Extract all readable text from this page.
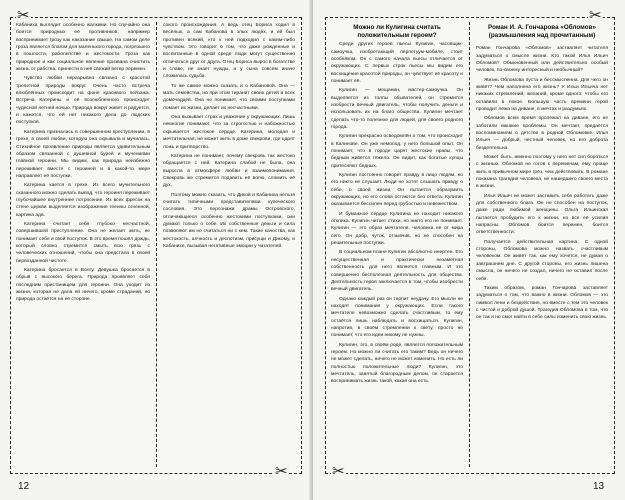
✂
✂

Кабаниха выглядит особенно жалкими. Но случайно она боится природных её противников, например воспринимает грозу как наказание свыше. На самом деле гроза является благом для маленького города, погрязшего в пошлости, раболепстве и жестокости. Гроза как природное и как социальное явление призвана очистить жизнь от рабства, принести в неё свежий ветер перемен.

Чувство любви неразрывно связано с красотой трепетной природы вокруг. Очень часто встреча влюблённых происходит на фоне красивого пейзажа. Встреча Катерины и её возлюбленного происходит чудесной летней ночью. Природа вокруг живет и радуется, и кажется, что ей нет никакого дела до людских поступков.

Катерина призналась в совершенном преступлении, в грехе, в своей любви, которую она скрывала и мучилась. Стихийное проявление природы является удивительным образом связанной с душевной бурей и мучениями главной героини. Мы видим, как природа неизбежно переживает вместе с героиней и в какой-то мере направляет её поступки.

Катерина кается в грехе. Из всего мучительного сказанного можно сделать вывод, что героиня переживает глубочайшее внутреннее потрясение. Из всех фресок на стене церкви выделяется изображение геенны огненной, картина ада.

Катерина считает себя глубоко несчастной, совершившей преступление. Она не желает жить, не понимает себя и свой поступок. В это время пошёл дождь, который словно стремится смыть всю грязь с человеческих отношений, чтобы она предстала в своей первозданной чистоте.

Катерина бросается в Волгу. Девушка бросается в обрыв с высокого берега. Природа проявляет себя последним пристанищем для героини. Она уходит из жизни, которая не дала ей ничего, кроме страданий, но природа остаётся на её стороне.

сокого происхождения. А ведь отец Бориса ходил в весёлых, а сам Кабанова в злых людях, и ей был противен всякий, кто к ней подходил с каким-либо чувством. Это говорит о том, что даже рожденные и воспитанные в одной среде люди могут существенно отличаться друг от друга. Отец Бориса вырос в богатстве и славе, не знает нужды, а у сына совсем иначе сложилась судьба.

То же самое можно сказать и о Кабановой. Она — мать семейства, но при этом тиранит своих детей и всех домочадцев. Она не понимает, что своими поступками ломает их жизни, делает их несчастными.

Она вызывает страх и уважение у окружающих. Лишь немногие понимают, что за строгостью и набожностью скрывается жестокое сердце. Катерина, молодая и мечтательная, не может жить в доме свекрови, где царят ложь и притворство.

Катерина не понимает, почему свекровь так жестоко обращается с ней. Катерина слабой не была, она выросла в атмосфере любви и взаимопонимания. Свекровь же стремится подавить её волю, сломить её дух.

Поэтому можно сказать, что Дикой и Кабаниха нельзя считать типичными представителями купеческого сословия. Это персонажи драмы Островского, отличающиеся особенно жестокими поступками, они думают только о себе. Их собственные деньги и сила позволяют им не считаться ни с кем. Такие качества, как жестокость, алчность и деспотизм, присущи и Дикому, и Кабанихе, вызывая негативные эмоции у читателей.

12
✂
✂
Можно ли Кулигина считать положительным героем?

Среди других героев пьесы Кулигин, часовщик-самоучка, изобретающий перпетуум-мобиле, стоит особняком. Он с самого начала пьесы отличается от окружающих. С первых строк пьесы мы видим его восхищение красотой природы, он чувствует её красоту и понимает её.

Кулигин — мещанин, мастер-самоучка. Он выделяется из толпы обывателей, он стремится изобрести вечный двигатель, чтобы получить деньги и использовать их на благо общества. Кулигин мечтает сделать что-то полезное для людей, для своего родного города.

Кулигин прекрасно осведомлён о том, что происходит в Калинове. Он уже немолод, у него большой опыт. Он понимает, что в городе царят жестокие нравы, что бедным живётся тяжело. Он видит, как богатые купцы притесняют бедных.

Кулигин постоянно говорит правду в лицо людям, но его никто не слушает. Люди не хотят слышать правду о себе, о своей жизни. Он пытается образумить окружающих, но его слова остаются без ответа. Кулигин оказывается бессилен перед грубостью и невежеством.

И бумажное сердце Кулигина не находит никакого отклика. Кулигин читает стихи, но никто его не понимает. Кулигин — это образ мечтателя, человека не от мира сего. Он добр, чуток, отзывчив, но не способен на решительные поступки.

В социальном плане Кулигин абсолютно инертен. Его несущественная и практически незаметная собственность для него является главным. И это совершенно бесполезная деятельность для общества. Деятельность героя заключается в том, чтобы изобрести вечный двигатель.

Однако каждый раз он терпит неудачу. Его мысли не находят понимания у окружающих. Если такого мечтателя невозможно сделать счастливым, то ему остаётся лишь наблюдать и восхищаться. Кулигин, напротив, в своём стремлении к свету, просто не понимает, что его идеи никому не нужны.

Кулигин, это, в своём роде, является положительным героем. Но можно ли считать его таким? Ведь он ничего не может сделать, ничего не может изменить. Но есть ли полностью положительные люди? Кулигин, это мечтатель, занятый благородным делом, он старается воспринимать жизнь такой, какая она есть.

Роман И. А. Гончарова «Обломов» (размышления над прочитанным)

Роман Гончарова «Обломов» заставляет читателя задуматься о смысле жизни. Кто такой Илья Ильич Обломов? Обыкновенный или действительно особый человек, по-своему интересный и необычный?

Жизнь Обломова пуста и бессмысленна. Для чего он живёт? Чем наполнена его жизнь? У Ильи Ильича нет никаких стремлений, желаний, кроме одного: чтобы его оставили в покое. Большую часть времени герой проводит лёжа на диване, в мечтах и раздумьях.

Обломов всем время пролежал на диване, его не заботили никакие проблемы. Он мечтает, предаётся воспоминаниям о детстве в родной Обломовке. Илья Ильич — добрый, честный человек, но его доброта бездеятельна.

Может быть, именно поэтому у него нет сил бороться с жизнью. Обломов не готов к переменам, ему проще жить в привычном мире грёз, чем действовать. В романе показана трагедия человека, не нашедшего своего места в жизни.

Илья Ильич не может заставить себя работать даже для собственного блага. Он не способен на поступок, даже ради любимой женщины. Ольга Ильинская пытается пробудить его к жизни, но все её усилия напрасны. Обломов боится перемен, боится ответственности.

Получается действительная картина. С одной стороны, Обломова можно назвать счастливым человеком. Он живёт так, как ему хочется, не думая о завтрашнем дне. С другой стороны, его жизнь лишена смысла, он ничего не создал, ничего не оставил после себя.

Таким образом, роман Гончарова заставляет задуматься о том, что важно в жизни. Обломов — это символ лени и бездействия, но вместе с тем это человек с чистой и доброй душой. Трагедия Обломова в том, что он так и не смог найти в себе силы изменить свою жизнь.

13
